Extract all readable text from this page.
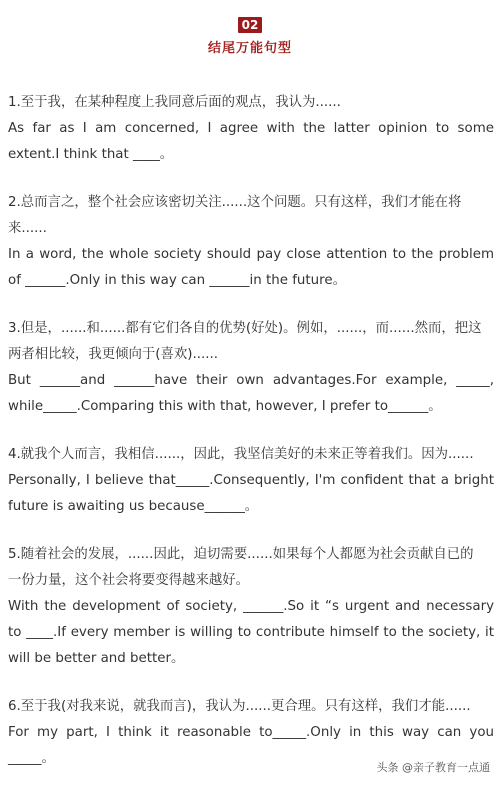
02
结尾万能句型
1.至于我，在某种程度上我同意后面的观点，我认为......
As far as I am concerned, I agree with the latter opinion to some
extent.I think that ____。
2.总而言之，整个社会应该密切关注......这个问题。只有这样，我们才能在将
来......
In a word, the whole society should pay close attention to the problem
of ______.Only in this way can ______in the future。
3.但是，......和......都有它们各自的优势(好处)。例如，......，而......然而，把这
两者相比较，我更倾向于(喜欢)......
But ______and ______have their own advantages.For example, _____,
while_____.Comparing this with that, however, I prefer to______。
4.就我个人而言，我相信......，因此，我坚信美好的未来正等着我们。因为......
Personally, I believe that_____.Consequently, I'm confident that a bright
future is awaiting us because______。
5.随着社会的发展，......因此，迫切需要......如果每个人都愿为社会贡献自已的
一份力量，这个社会将要变得越来越好。
With the development of society, ______.So it “s urgent and necessary
to ____.If every member is willing to contribute himself to the society, it
will be better and better。
6.至于我(对我来说，就我而言)，我认为......更合理。只有这样，我们才能......
For my part, I think it reasonable to_____.Only in this way can you
_____。
头条 @亲子教育一点通
